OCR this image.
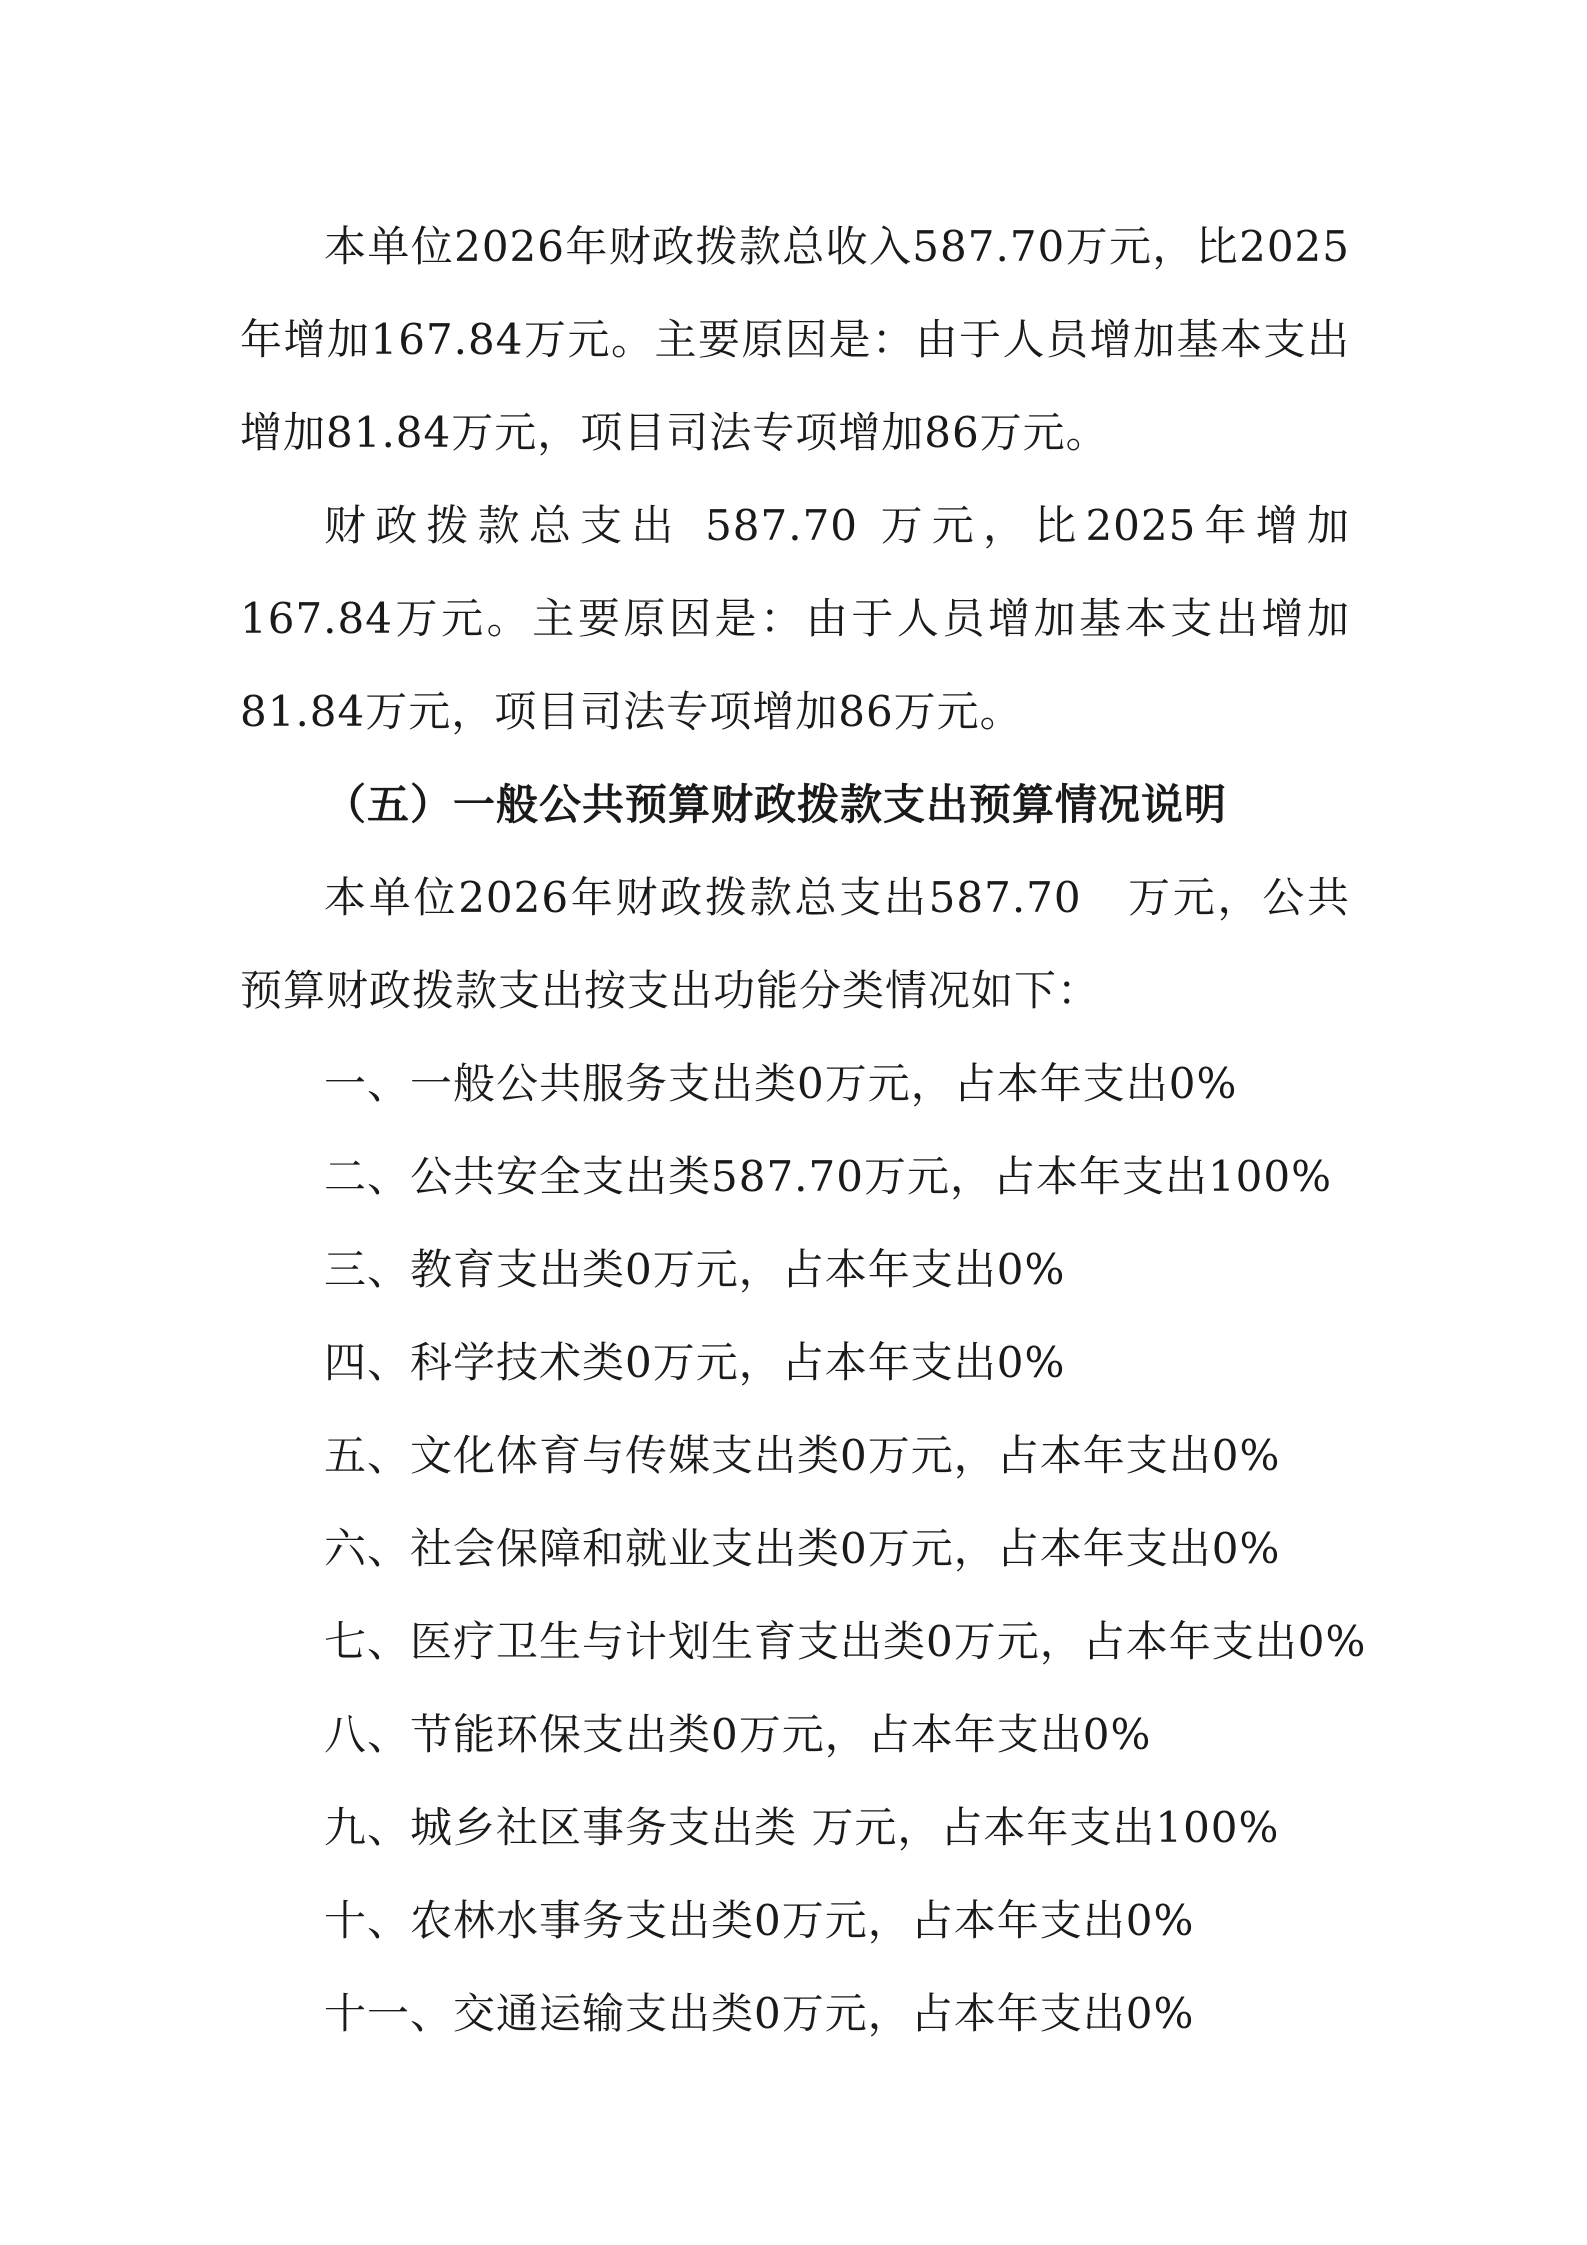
本单位2026年财政拨款总收入587.70万元，比2025年增加167.84万元。主要原因是：由于人员增加基本支出增加81.84万元，项目司法专项增加86万元。

财政拨款总支出 587.70 万元，比2025年增加167.84万元。主要原因是：由于人员增加基本支出增加81.84万元，项目司法专项增加86万元。

（五）一般公共预算财政拨款支出预算情况说明

本单位2026年财政拨款总支出587.70　万元，公共预算财政拨款支出按支出功能分类情况如下：

一、一般公共服务支出类0万元，占本年支出0%
二、公共安全支出类587.70万元，占本年支出100%
三、教育支出类0万元，占本年支出0%
四、科学技术类0万元，占本年支出0%
五、文化体育与传媒支出类0万元，占本年支出0%
六、社会保障和就业支出类0万元，占本年支出0%
七、医疗卫生与计划生育支出类0万元，占本年支出0%
八、节能环保支出类0万元，占本年支出0%
九、城乡社区事务支出类 万元，占本年支出100%
十、农林水事务支出类0万元，占本年支出0%
十一、交通运输支出类0万元，占本年支出0%
